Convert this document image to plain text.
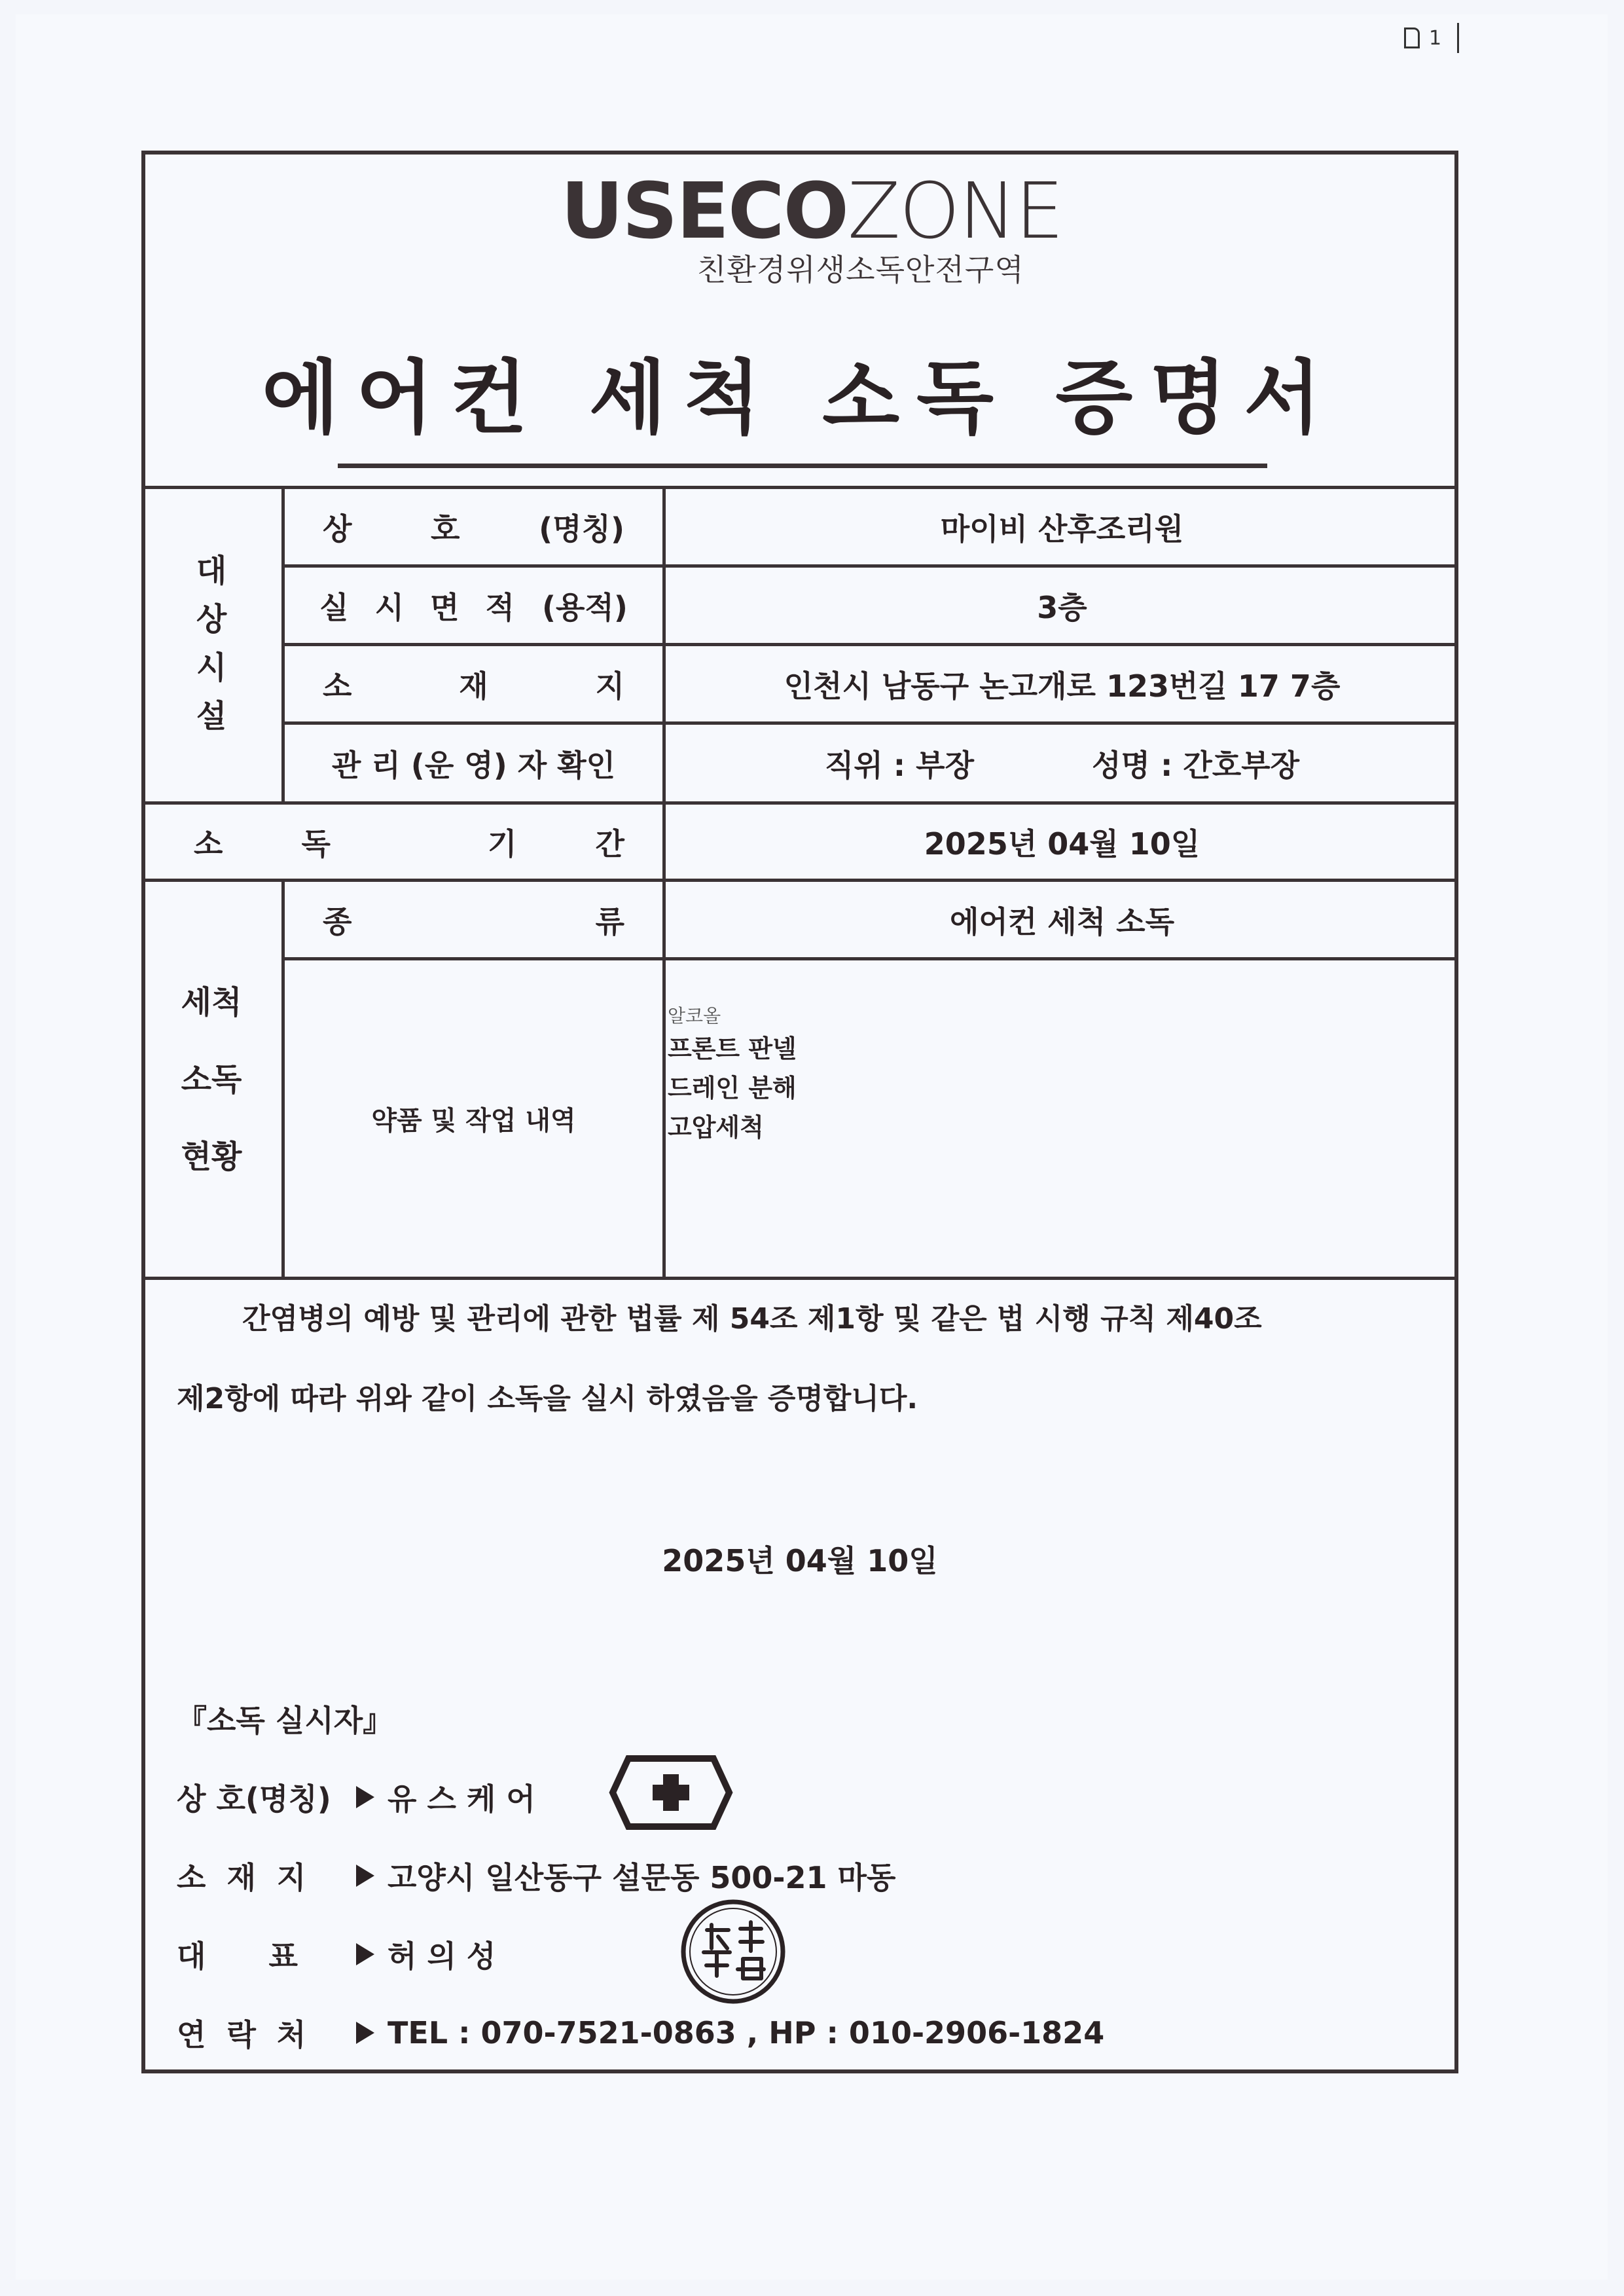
1
USECOZONE
친환경위생소독안전구역
에어컨 세척 소독 증명서
대
상
시
설
상	호	(명칭)	마이비 산후조리원
실 시 면 적 (용적)	3층
소	재	지	인천시 남동구 논고개로 123번길 17 7층
관 리 (운 영) 자 확인	직위 : 부장	성명 : 간호부장
소	독	기	간	2025년 04월 10일
세척
소독
현황
종	류	에어컨 세척 소독
약품 및 작업 내역
알코올
프론트 판넬
드레인 분해
고압세척
간염병의 예방 및 관리에 관한 법률 제 54조 제1항 및 같은 법 시행 규칙 제40조
제2항에 따라 위와 같이 소독을 실시 하였음을 증명합니다.
2025년 04월 10일
『소독 실시자』
상 호(명칭)	유 스 케 어
소  재  지	고양시 일산동구 설문동 500-21 마동
대      표	허 의 성
연  락  처	TEL : 070-7521-0863 , HP : 010-2906-1824
